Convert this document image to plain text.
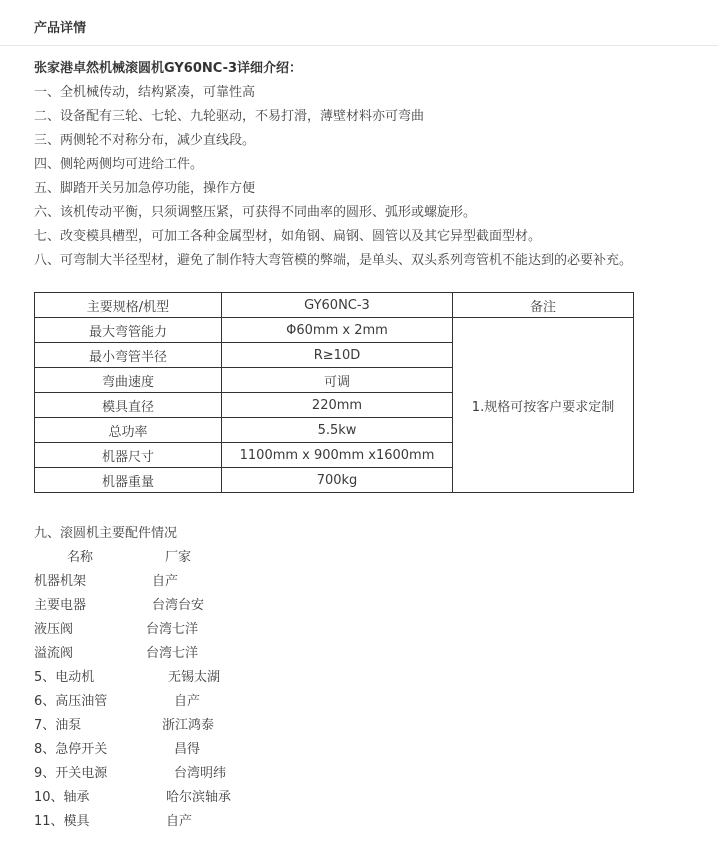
产品详情
张家港卓然机械滚圆机GY60NC-3详细介绍：
一、全机械传动，结构紧凑，可靠性高
二、设备配有三轮、七轮、九轮驱动，不易打滑，薄壁材料亦可弯曲
三、两侧轮不对称分布，减少直线段。
四、侧轮两侧均可进给工件。
五、脚踏开关另加急停功能，操作方便
六、该机传动平衡，只须调整压紧，可获得不同曲率的圆形、弧形或螺旋形。
七、改变模具槽型，可加工各种金属型材，如角钢、扁钢、圆管以及其它异型截面型材。
八、可弯制大半径型材，避免了制作特大弯管模的弊端，是单头、双头系列弯管机不能达到的必要补充。
主要规格/机型	GY60NC-3	备注
最大弯管能力	Φ60mm x 2mm	1.规格可按客户要求定制
最小弯管半径	R≥10D	
弯曲速度	可调	
模具直径	220mm	
总功率	5.5kw	
机器尺寸	1100mm x 900mm x1600mm	
机器重量	700kg	
九、滚圆机主要配件情况
名称	厂家
机器机架	自产
主要电器	台湾台安
液压阀	台湾七洋
溢流阀	台湾七洋
5、电动机	无锡太湖
6、高压油管	自产
7、油泵	浙江鸿泰
8、急停开关	昌得
9、开关电源	台湾明纬
10、轴承	哈尔滨轴承
11、模具	自产
